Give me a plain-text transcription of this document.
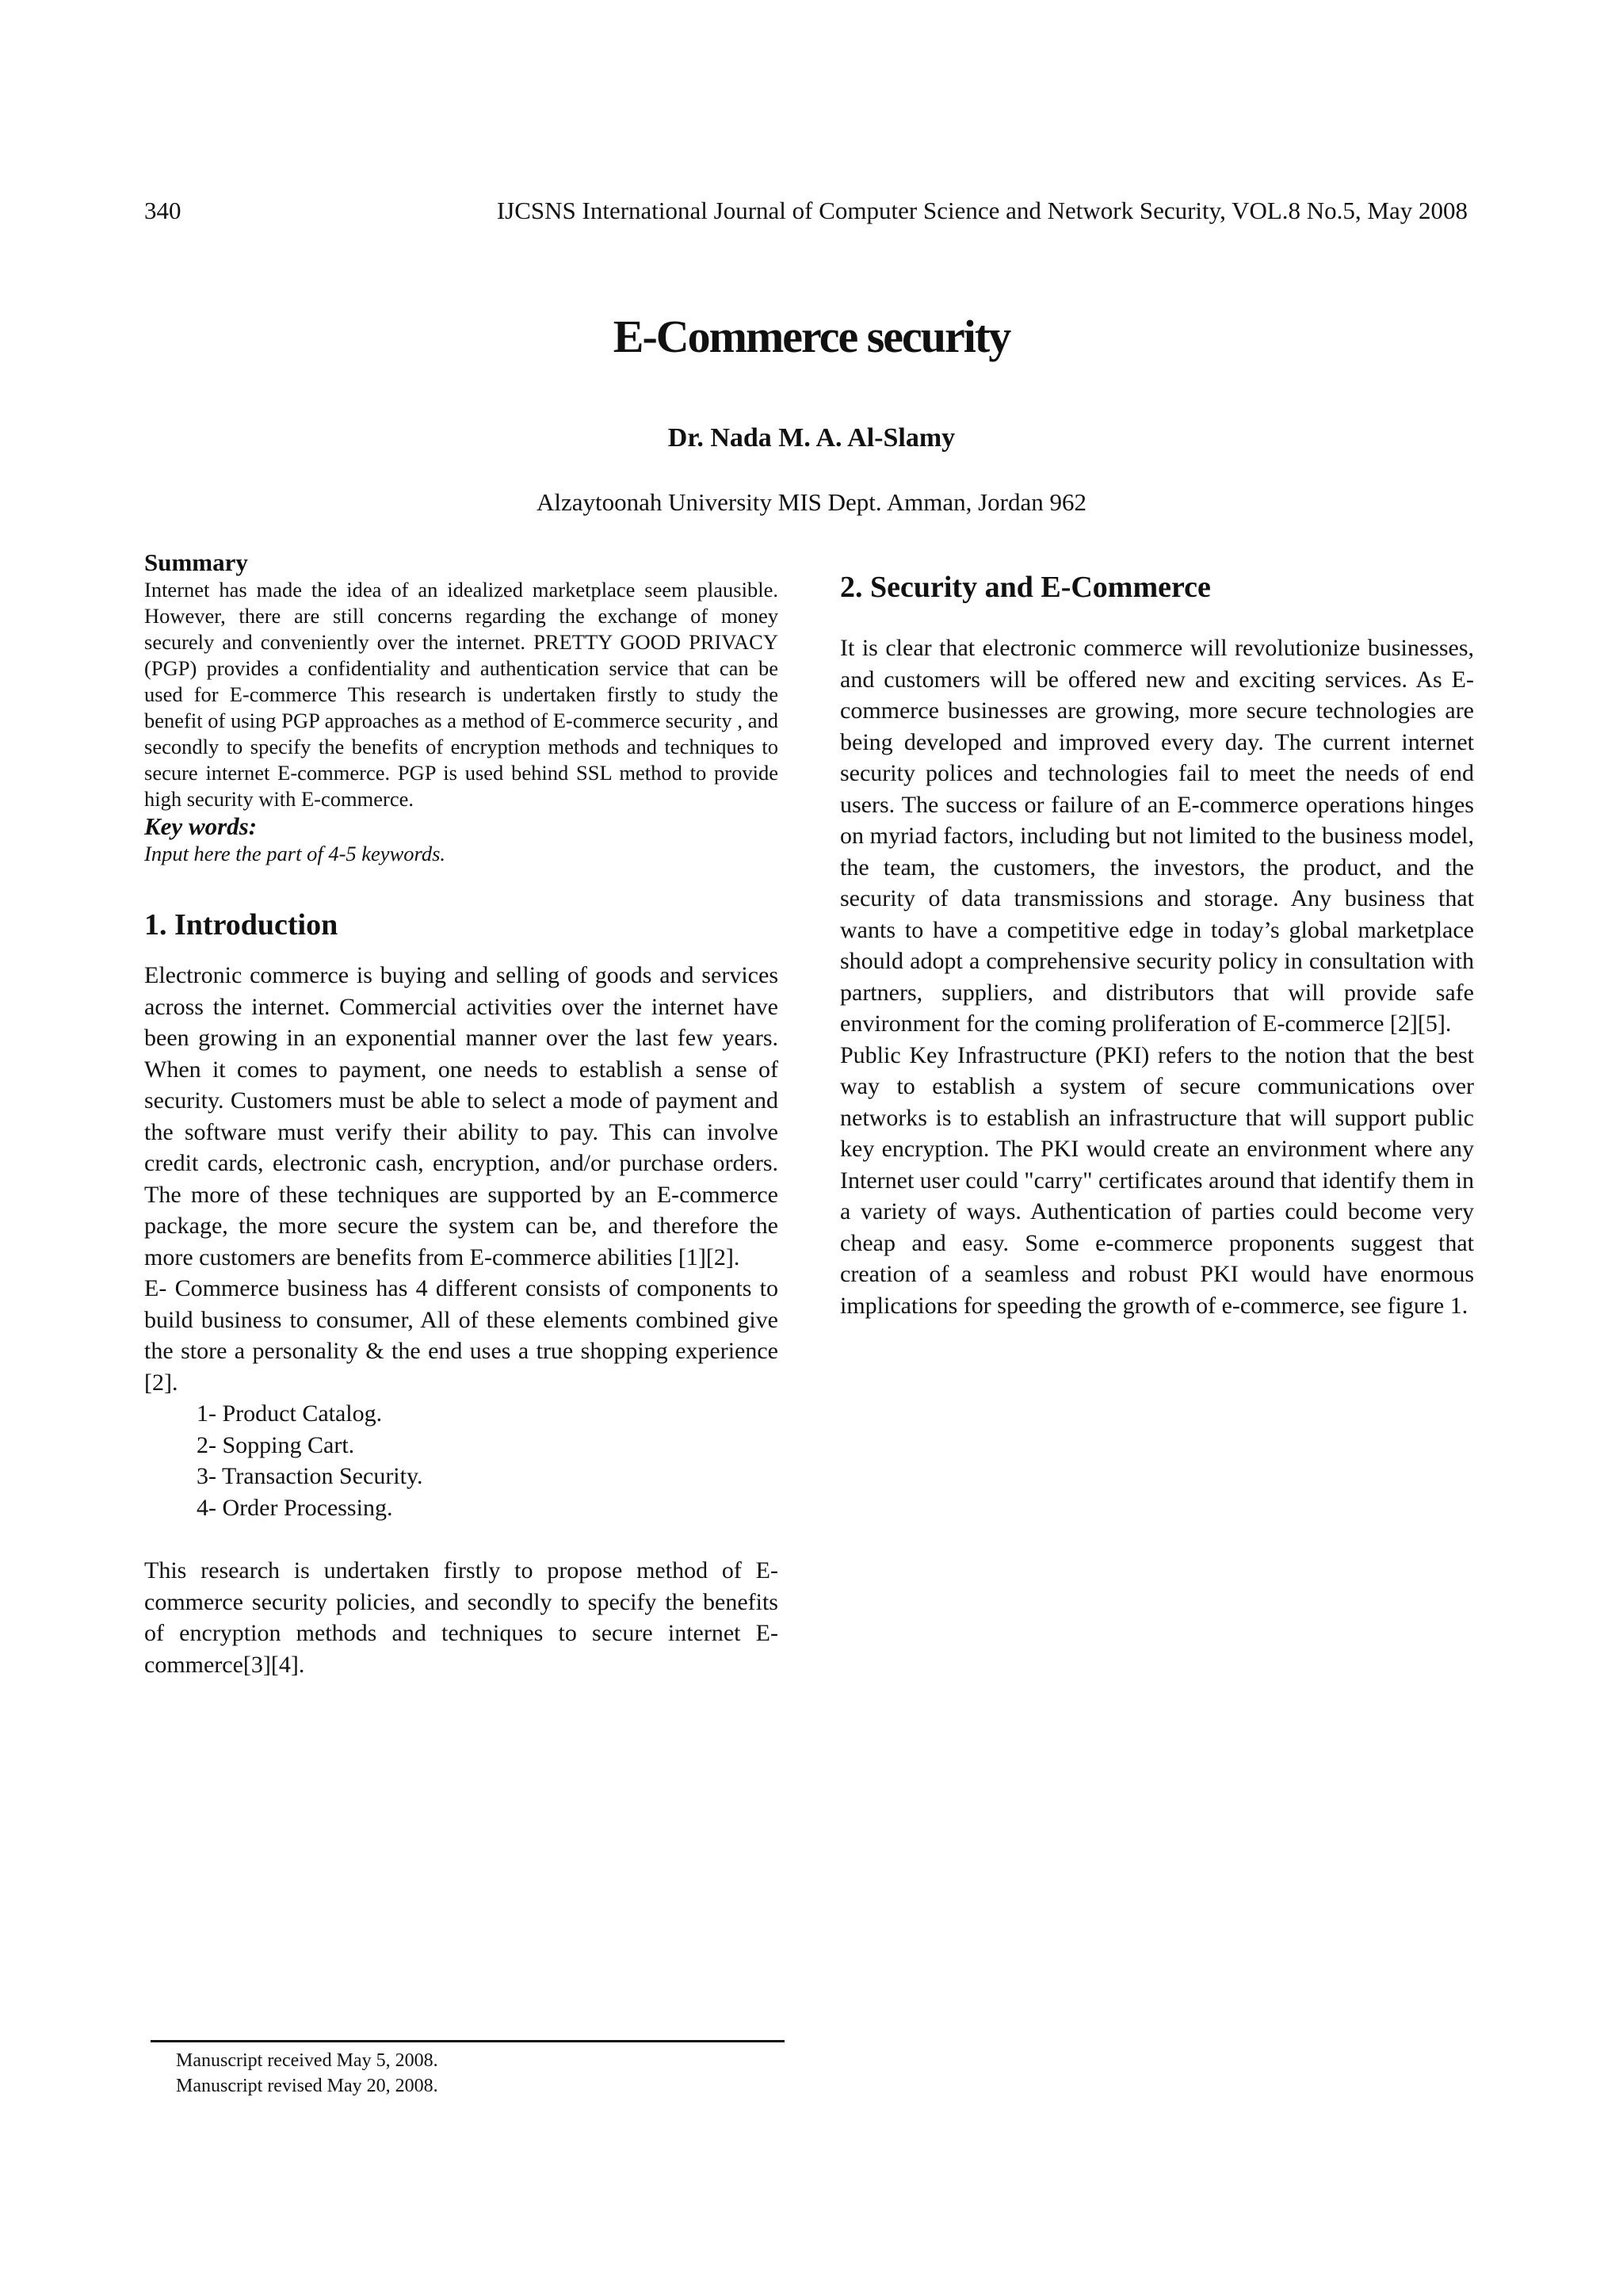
340	IJCSNS International Journal of Computer Science and Network Security, VOL.8 No.5, May 2008
E-Commerce security
Dr. Nada M. A. Al-Slamy
Alzaytoonah University MIS Dept. Amman, Jordan 962

Summary

Internet has made the idea of an idealized marketplace seem plausible. However, there are still concerns regarding the exchange of money securely and conveniently over the internet. PRETTY GOOD PRIVACY (PGP) provides a confidentiality and authentication service that can be used for E-commerce This research is undertaken firstly to study the benefit of using PGP approaches as a method of E-commerce security , and secondly to specify the benefits of encryption methods and techniques to secure internet E-commerce. PGP is used behind SSL method to provide high security with E-commerce.

Key words:

Input here the part of 4-5 keywords.

1. Introduction

Electronic commerce is buying and selling of goods and services across the internet. Commercial activities over the internet have been growing in an exponential manner over the last few years. When it comes to payment, one needs to establish a sense of security. Customers must be able to select a mode of payment and the software must verify their ability to pay. This can involve credit cards, electronic cash, encryption, and/or purchase orders. The more of these techniques are supported by an E-commerce package, the more secure the system can be, and therefore the more customers are benefits from E-commerce abilities [1][2].

E- Commerce business has 4 different consists of components to build business to consumer, All of these elements combined give the store a personality & the end uses a true shopping experience [2].

1- Product Catalog.
2- Sopping Cart.
3- Transaction Security.
4- Order Processing.

This research is undertaken firstly to propose method of E-commerce security policies, and secondly to specify the benefits of encryption methods and techniques to secure internet E-commerce[3][4].

2. Security and E-Commerce

It is clear that electronic commerce will revolutionize businesses, and customers will be offered new and exciting services. As E-commerce businesses are growing, more secure technologies are being developed and improved every day. The current internet security polices and technologies fail to meet the needs of end users. The success or failure of an E-commerce operations hinges on myriad factors, including but not limited to the business model, the team, the customers, the investors, the product, and the security of data transmissions and storage. Any business that wants to have a competitive edge in today’s global marketplace should adopt a comprehensive security policy in consultation with partners, suppliers, and distributors that will provide safe environment for the coming proliferation of E-commerce [2][5].

Public Key Infrastructure (PKI) refers to the notion that the best way to establish a system of secure communications over networks is to establish an infrastructure that will support public key encryption. The PKI would create an environment where any Internet user could "carry" certificates around that identify them in a variety of ways. Authentication of parties could become very cheap and easy. Some e-commerce proponents suggest that creation of a seamless and robust PKI would have enormous implications for speeding the growth of e-commerce, see figure 1.

Manuscript received May 5, 2008.
Manuscript revised May 20, 2008.
